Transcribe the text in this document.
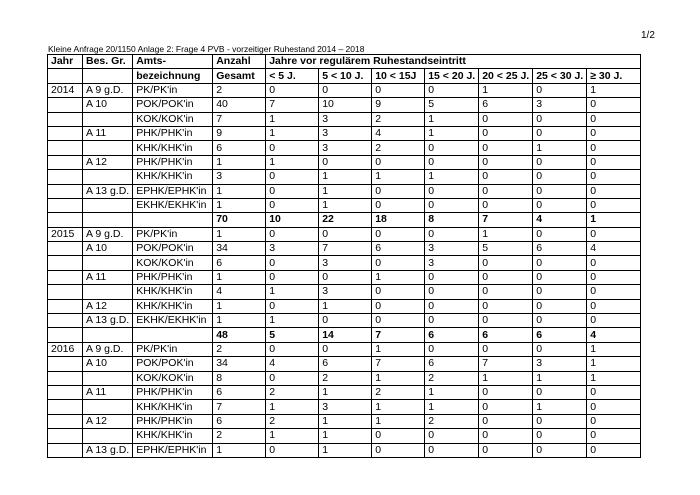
1/2
Kleine Anfrage 20/1150 Anlage 2: Frage 4 PVB - vorzeitiger Ruhestand 2014 – 2018
Jahr	Bes. Gr.	Amts-	Anzahl	Jahre vor regulärem Ruhestandseintritt						
		bezeichnung	Gesamt	< 5 J.	5 < 10 J.	10 < 15J	15 < 20 J.	20 < 25 J.	25 < 30 J.	≥ 30 J.
2014	A 9 g.D.	PK/PK'in	2	0	0	0	0	1	0	1
	A 10	POK/POK'in	40	7	10	9	5	6	3	0
		KOK/KOK'in	7	1	3	2	1	0	0	0
	A 11	PHK/PHK'in	9	1	3	4	1	0	0	0
		KHK/KHK'in	6	0	3	2	0	0	1	0
	A 12	PHK/PHK'in	1	1	0	0	0	0	0	0
		KHK/KHK'in	3	0	1	1	1	0	0	0
	A 13 g.D.	EPHK/EPHK'in	1	0	1	0	0	0	0	0
		EKHK/EKHK'in	1	0	1	0	0	0	0	0
			70	10	22	18	8	7	4	1
2015	A 9 g.D.	PK/PK'in	1	0	0	0	0	1	0	0
	A 10	POK/POK'in	34	3	7	6	3	5	6	4
		KOK/KOK'in	6	0	3	0	3	0	0	0
	A 11	PHK/PHK'in	1	0	0	1	0	0	0	0
		KHK/KHK'in	4	1	3	0	0	0	0	0
	A 12	KHK/KHK'in	1	0	1	0	0	0	0	0
	A 13 g.D.	EKHK/EKHK'in	1	1	0	0	0	0	0	0
			48	5	14	7	6	6	6	4
2016	A 9 g.D.	PK/PK'in	2	0	0	1	0	0	0	1
	A 10	POK/POK'in	34	4	6	7	6	7	3	1
		KOK/KOK'in	8	0	2	1	2	1	1	1
	A 11	PHK/PHK'in	6	2	1	2	1	0	0	0
		KHK/KHK'in	7	1	3	1	1	0	1	0
	A 12	PHK/PHK'in	6	2	1	1	2	0	0	0
		KHK/KHK'in	2	1	1	0	0	0	0	0
	A 13 g.D.	EPHK/EPHK'in	1	0	1	0	0	0	0	0
